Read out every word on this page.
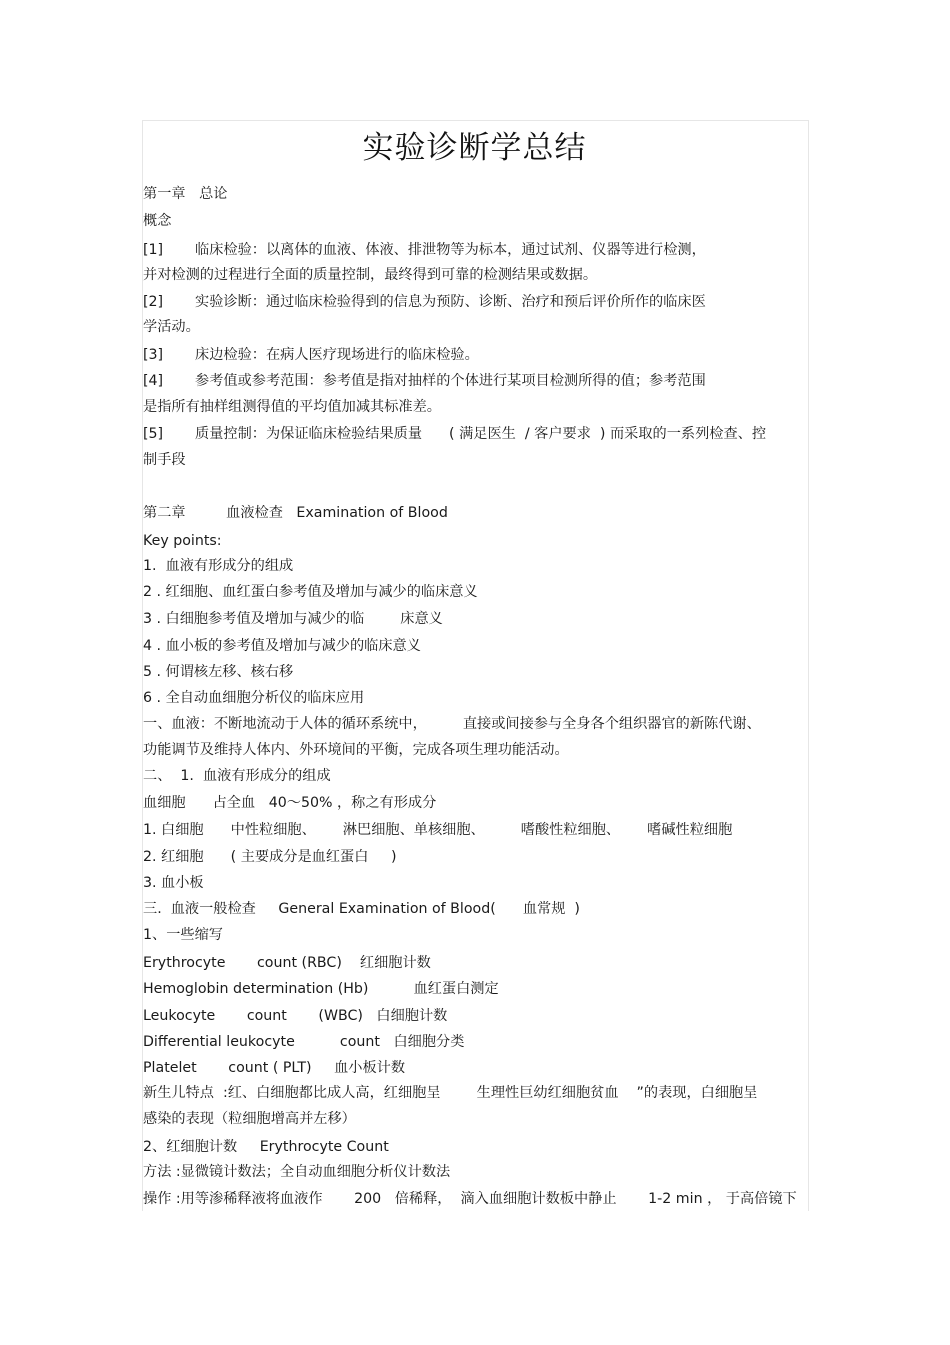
实验诊断学总结
第一章   总论
概念
[1] 临床检验：以离体的血液、体液、排泄物等为标本，通过试剂、仪器等进行检测，
并对检测的过程进行全面的质量控制，最终得到可靠的检测结果或数据。
[2] 实验诊断：通过临床检验得到的信息为预防、诊断、治疗和预后评价所作的临床医
学活动。
[3] 床边检验：在病人医疗现场进行的临床检验。
[4] 参考值或参考范围：参考值是指对抽样的个体进行某项目检测所得的值；参考范围
是指所有抽样组测得值的平均值加减其标准差。
[5] 质量控制：为保证临床检验结果质量      ( 满足医生  / 客户要求  ) 而采取的一系列检查、控
制手段
第二章         血液检查   Examination of Blood
Key points:
1.  血液有形成分的组成
2 . 红细胞、血红蛋白参考值及增加与减少的临床意义
3 . 白细胞参考值及增加与减少的临        床意义
4 . 血小板的参考值及增加与减少的临床意义
5 . 何谓核左移、核右移
6 . 全自动血细胞分析仪的临床应用
一、血液：不断地流动于人体的循环系统中，        直接或间接参与全身各个组织器官的新陈代谢、
功能调节及维持人体内、外环境间的平衡，完成各项生理功能活动。
二、  1.  血液有形成分的组成
血细胞      占全血   40～50% ，称之有形成分
1. 白细胞      中性粒细胞、      淋巴细胞、单核细胞、        嗜酸性粒细胞、      嗜碱性粒细胞
2. 红细胞      ( 主要成分是血红蛋白     )
3. 血小板
三.  血液一般检查     General Examination of Blood(      血常规  )
1、一些缩写
Erythrocyte       count (RBC)    红细胞计数
Hemoglobin determination (Hb)          血红蛋白测定
Leukocyte       count       (WBC)   白细胞计数
Differential leukocyte          count   白细胞分类
Platelet       count ( PLT)     血小板计数
新生儿特点  :红、白细胞都比成人高，红细胞呈        生理性巨幼红细胞贫血    ”的表现，白细胞呈
感染的表现（粒细胞增高并左移）
2、红细胞计数     Erythrocyte Count
方法 :显微镜计数法；全自动血细胞分析仪计数法
操作 :用等渗稀释液将血液作       200   倍稀释，  滴入血细胞计数板中静止       1-2 min ， 于高倍镜下
